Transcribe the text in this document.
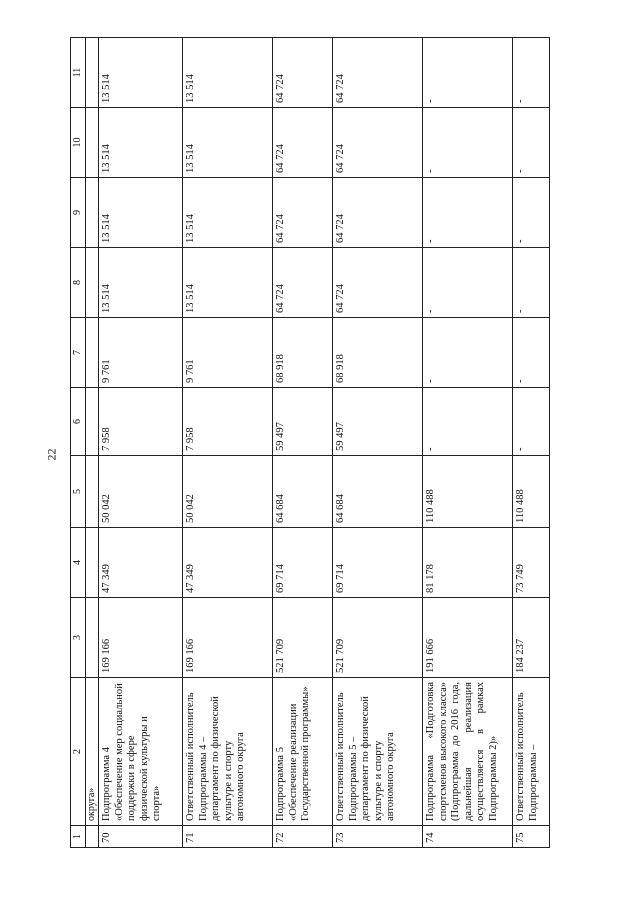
22
1	2	3	4	5	6	7	8	9	10	11
	округа»									
70	Подпрограмма 4 «Обеспечение мер социальной поддержки в сфере физической культуры и спорта»	169 166	47 349	50 042	7 958	9 761	13 514	13 514	13 514	13 514
71	Ответственный исполнитель Подпрограммы 4 – департамент по физической культуре и спорту автономного округа	169 166	47 349	50 042	7 958	9 761	13 514	13 514	13 514	13 514
72	Подпрограмма 5 «Обеспечение реализации Государственной программы»	521 709	69 714	64 684	59 497	68 918	64 724	64 724	64 724	64 724
73	Ответственный исполнитель Подпрограммы 5 – департамент по физической культуре и спорту автономного округа	521 709	69 714	64 684	59 497	68 918	64 724	64 724	64 724	64 724
74	Подпрограмма «Подготовка спортсменов высокого класса» (Подпрограмма до 2016 года, дальнейшая реализация осуществляется в рамках Подпрограммы 2)»	191 666	81 178	110 488	-	-	-	-	-	-
75	Ответственный исполнитель Подпрограммы –	184 237	73 749	110 488	-	-	-	-	-	-
